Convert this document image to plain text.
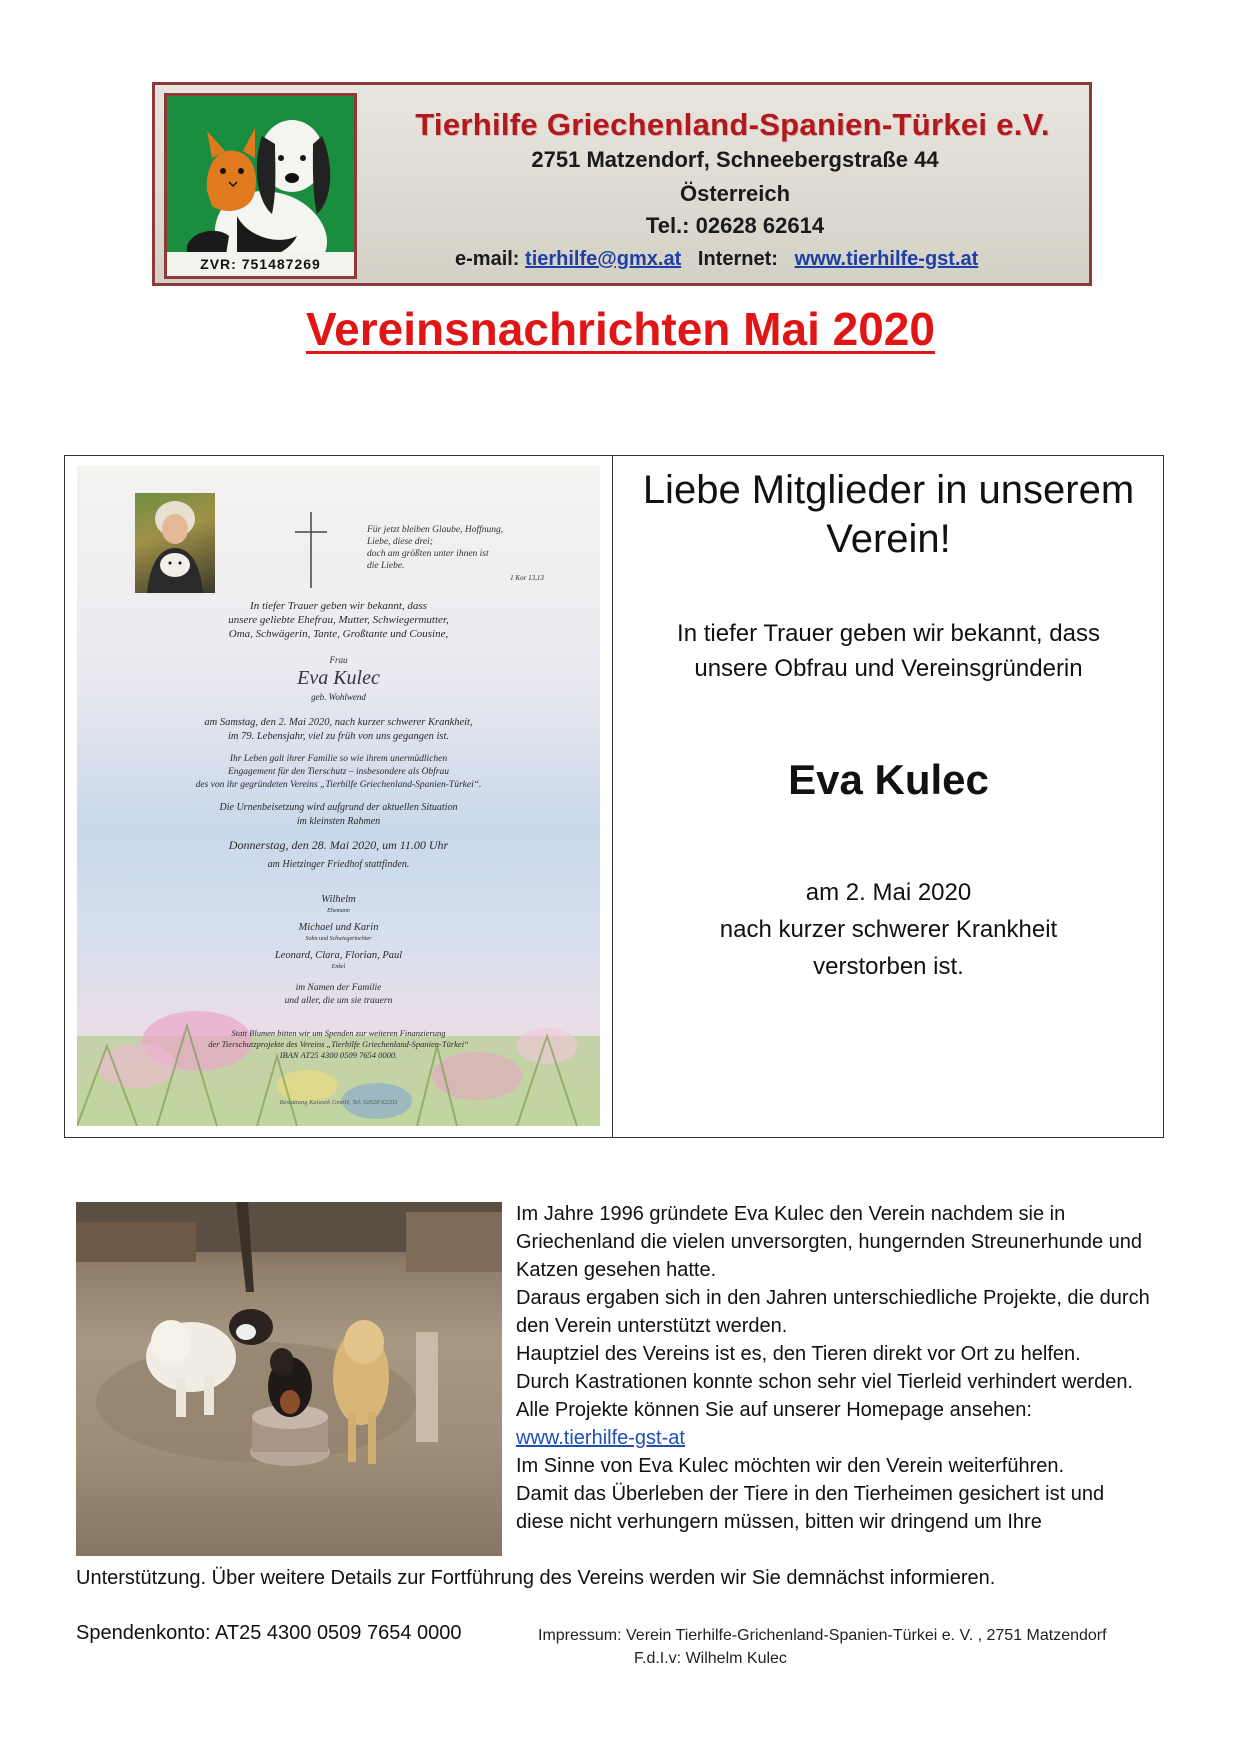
ZVR: 751487269
Tierhilfe Griechenland-Spanien-Türkei e.V.
2751 Matzendorf, Schneebergstraße 44
Österreich
Tel.: 02628 62614
e-mail: tierhilfe@gmx.at Internet: www.tierhilfe-gst.at
Vereinsnachrichten Mai 2020
Für jetzt bleiben Glaube, Hoffnung,
Liebe, diese drei;
doch am größten unter ihnen ist
die Liebe.
1 Kor 13,13
In tiefer Trauer geben wir bekannt, dass
unsere geliebte Ehefrau, Mutter, Schwiegermutter,
Oma, Schwägerin, Tante, Großtante und Cousine,
Frau
Eva Kulec
geb. Wohlwend
am Samstag, den 2. Mai 2020, nach kurzer schwerer Krankheit,
im 79. Lebensjahr, viel zu früh von uns gegangen ist.
Ihr Leben galt ihrer Familie so wie ihrem unermüdlichen
Engagement für den Tierschutz – insbesondere als Obfrau
des von ihr gegründeten Vereins „Tierhilfe Griechenland-Spanien-Türkei“.
Die Urnenbeisetzung wird aufgrund der aktuellen Situation
im kleinsten Rahmen
Donnerstag, den 28. Mai 2020, um 11.00 Uhr
am Hietzinger Friedhof stattfinden.
Wilhelm
Ehemann
Michael und Karin
Sohn und Schwiegertochter
Leonard, Clara, Florian, Paul
Enkel
im Namen der Familie
und aller, die um sie trauern
Statt Blumen bitten wir um Spenden zur weiteren Finanzierung
der Tierschutzprojekte des Vereins „Tierhilfe Griechenland-Spanien-Türkei“
IBAN AT25 4300 0509 7654 0000.
Bestattung Kalasek GmbH, Tel. 02628 62203
Liebe Mitglieder in unserem Verein!
In tiefer Trauer geben wir bekannt, dass
unsere Obfrau und Vereinsgründerin
Eva Kulec
am 2. Mai 2020
nach kurzer schwerer Krankheit
verstorben ist.

Im Jahre 1996 gründete Eva Kulec den Verein nachdem sie in Griechenland die vielen unversorgten, hungernden Streunerhunde und Katzen gesehen hatte.

Daraus ergaben sich in den Jahren unterschiedliche Projekte, die durch den Verein unterstützt werden.

Hauptziel des Vereins ist es, den Tieren direkt vor Ort zu helfen.

Durch Kastrationen konnte schon sehr viel Tierleid verhindert werden.

Alle Projekte können Sie auf unserer Homepage ansehen:

www.tierhilfe-gst-at

Im Sinne von Eva Kulec möchten wir den Verein weiterführen.

Damit das Überleben der Tiere in den Tierheimen gesichert ist und diese nicht verhungern müssen, bitten wir dringend um Ihre

Unterstützung. Über weitere Details zur Fortführung des Vereins werden wir Sie demnächst informieren.
Spendenkonto: AT25 4300 0509 7654 0000	Impressum: Verein Tierhilfe-Grichenland-Spanien-Türkei e. V. , 2751 Matzendorf
F.d.I.v: Wilhelm Kulec
